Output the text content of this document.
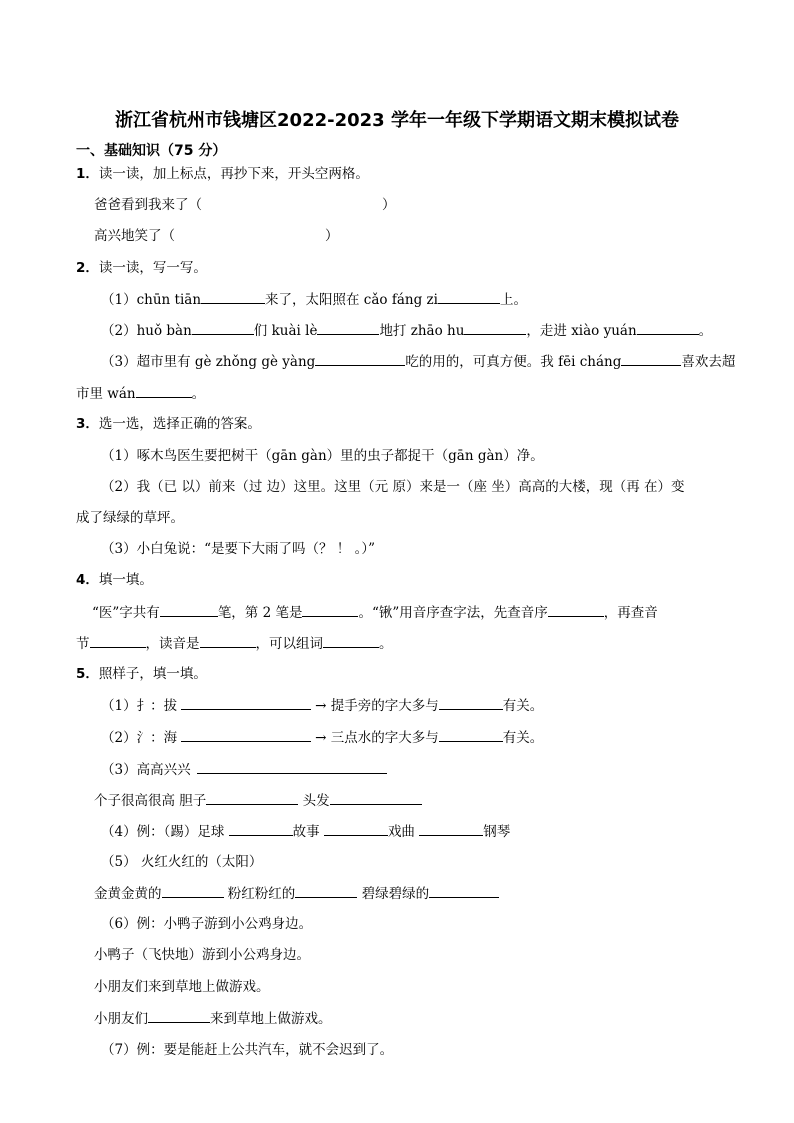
浙江省杭州市钱塘区2022-2023 学年一年级下学期语文期末模拟试卷
一、基础知识（75 分）
1．读一读，加上标点，再抄下来，开头空两格。
爸爸看到我来了（	）
高兴地笑了（	）
2．读一读，写一写。
（1）chūn tiān	来了，太阳照在 cǎo fáng zi	上。
（2）huǒ bàn	们 kuài lè	地打 zhāo hu	，走进 xiào yuán	。
（3）超市里有 gè zhǒng gè yàng	吃的用的，可真方便。我 fēi cháng	喜欢去超
市里 wán	。
3．选一选，选择正确的答案。
（1）啄木鸟医生要把树干（gān gàn）里的虫子都捉干（gān gàn）净。
（2）我（已 以）前来（过 边）这里。这里（元 原）来是一（座 坐）高高的大楼，现（再 在）变
成了绿绿的草坪。
（3）小白兔说：“是要下大雨了吗（？ ！ 。）”
4．填一填。
“医”字共有	笔，第 2 笔是	。“锹”用音序查字法，先查音序	，再查音
节	，读音是	，可以组词	。
5．照样子，填一填。
（1）扌：拔	→ 提手旁的字大多与	有关。
（2）氵：海	→ 三点水的字大多与	有关。
（3）高高兴兴
个子很高很高 胆子	头发
（4）例：（踢）足球	故事	戏曲	钢琴
（5） 火红火红的（太阳）
金黄金黄的	粉红粉红的	碧绿碧绿的
（6）例：小鸭子游到小公鸡身边。
小鸭子（飞快地）游到小公鸡身边。
小朋友们来到草地上做游戏。
小朋友们	来到草地上做游戏。
（7）例：要是能赶上公共汽车，就不会迟到了。
